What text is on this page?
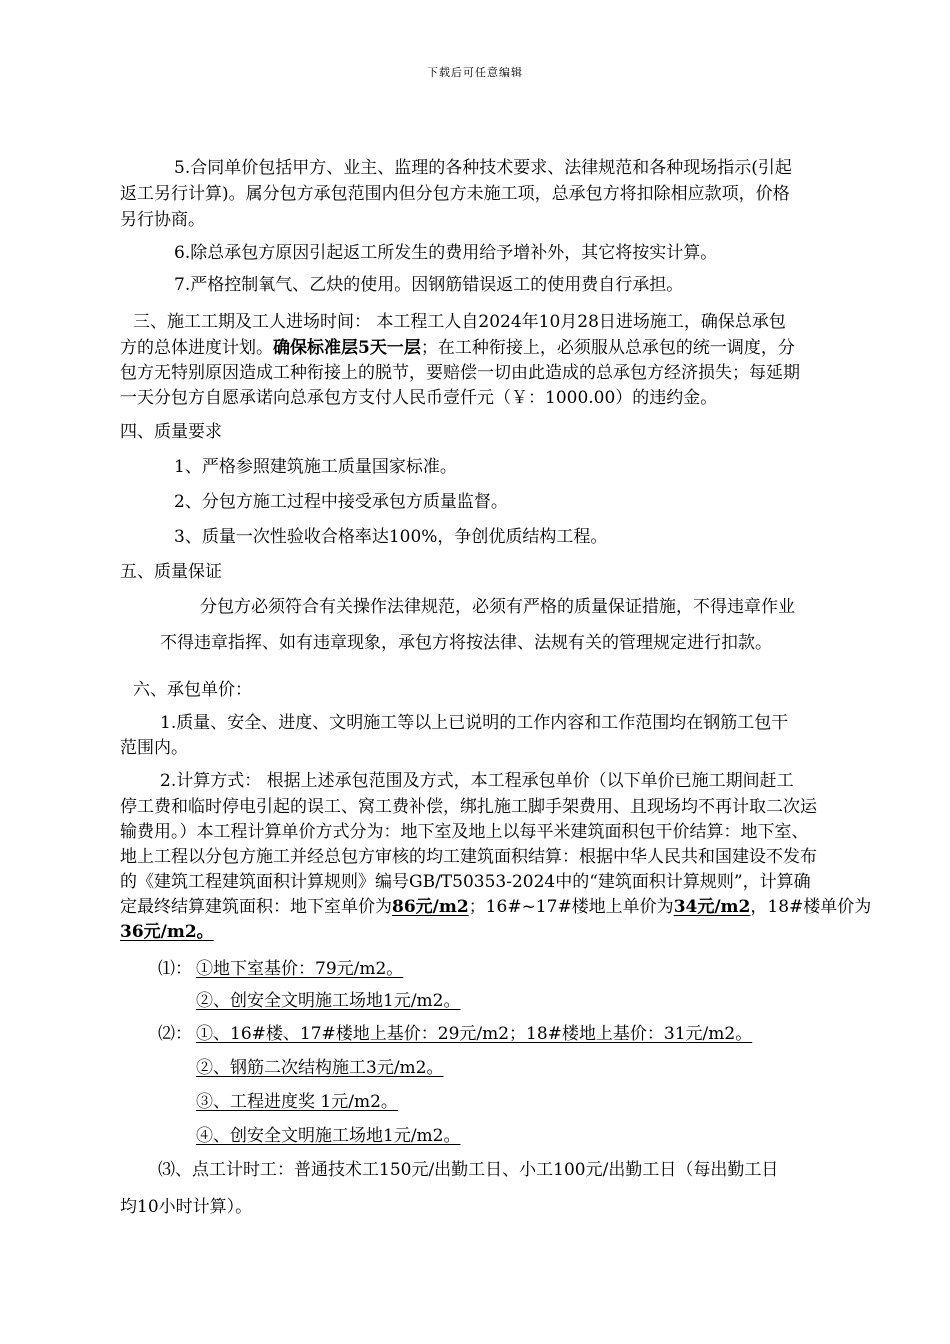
下载后可任意编辑
5.合同单价包括甲方、业主、监理的各种技术要求、法律规范和各种现场指示(引起
返工另行计算)。属分包方承包范围内但分包方未施工项，总承包方将扣除相应款项，价格
另行协商。
6.除总承包方原因引起返工所发生的费用给予增补外，其它将按实计算。
7.严格控制氧气、乙炔的使用。因钢筋错误返工的使用费自行承担。
三、施工工期及工人进场时间： 本工程工人自2024年10月28日进场施工，确保总承包
方的总体进度计划。确保标准层5天一层；在工种衔接上，必须服从总承包的统一调度，分
包方无特别原因造成工种衔接上的脱节，要赔偿一切由此造成的总承包方经济损失；每延期
一天分包方自愿承诺向总承包方支付人民币壹仟元（￥：1000.00）的违约金。
四、质量要求
1、严格参照建筑施工质量国家标准。
2、分包方施工过程中接受承包方质量监督。
3、质量一次性验收合格率达100%，争创优质结构工程。
五、质量保证
分包方必须符合有关操作法律规范，必须有严格的质量保证措施，不得违章作业
不得违章指挥、如有违章现象，承包方将按法律、法规有关的管理规定进行扣款。
六、承包单价：
1.质量、安全、进度、文明施工等以上已说明的工作内容和工作范围均在钢筋工包干
范围内。
2.计算方式： 根据上述承包范围及方式，本工程承包单价（以下单价已施工期间赶工
停工费和临时停电引起的误工、窝工费补偿，绑扎施工脚手架费用、且现场均不再计取二次运
输费用。）本工程计算单价方式分为：地下室及地上以每平米建筑面积包干价结算：地下室、
地上工程以分包方施工并经总包方审核的均工建筑面积结算：根据中华人民共和国建设不发布
的《建筑工程建筑面积计算规则》编号GB/T50353-2024中的“建筑面积计算规则”，计算确
定最终结算建筑面积：地下室单价为86元/m2；16#~17#楼地上单价为34元/m2，18#楼单价为
36元/m2。
⑴： ①地下室基价：79元/m2。
②、创安全文明施工场地1元/m2。
⑵： ①、16#楼、17#楼地上基价：29元/m2；18#楼地上基价：31元/m2。
②、钢筋二次结构施工3元/m2。
③、工程进度奖 1元/m2。
④、创安全文明施工场地1元/m2。
⑶、点工计时工：普通技术工150元/出勤工日、小工100元/出勤工日（每出勤工日
均10小时计算）。
